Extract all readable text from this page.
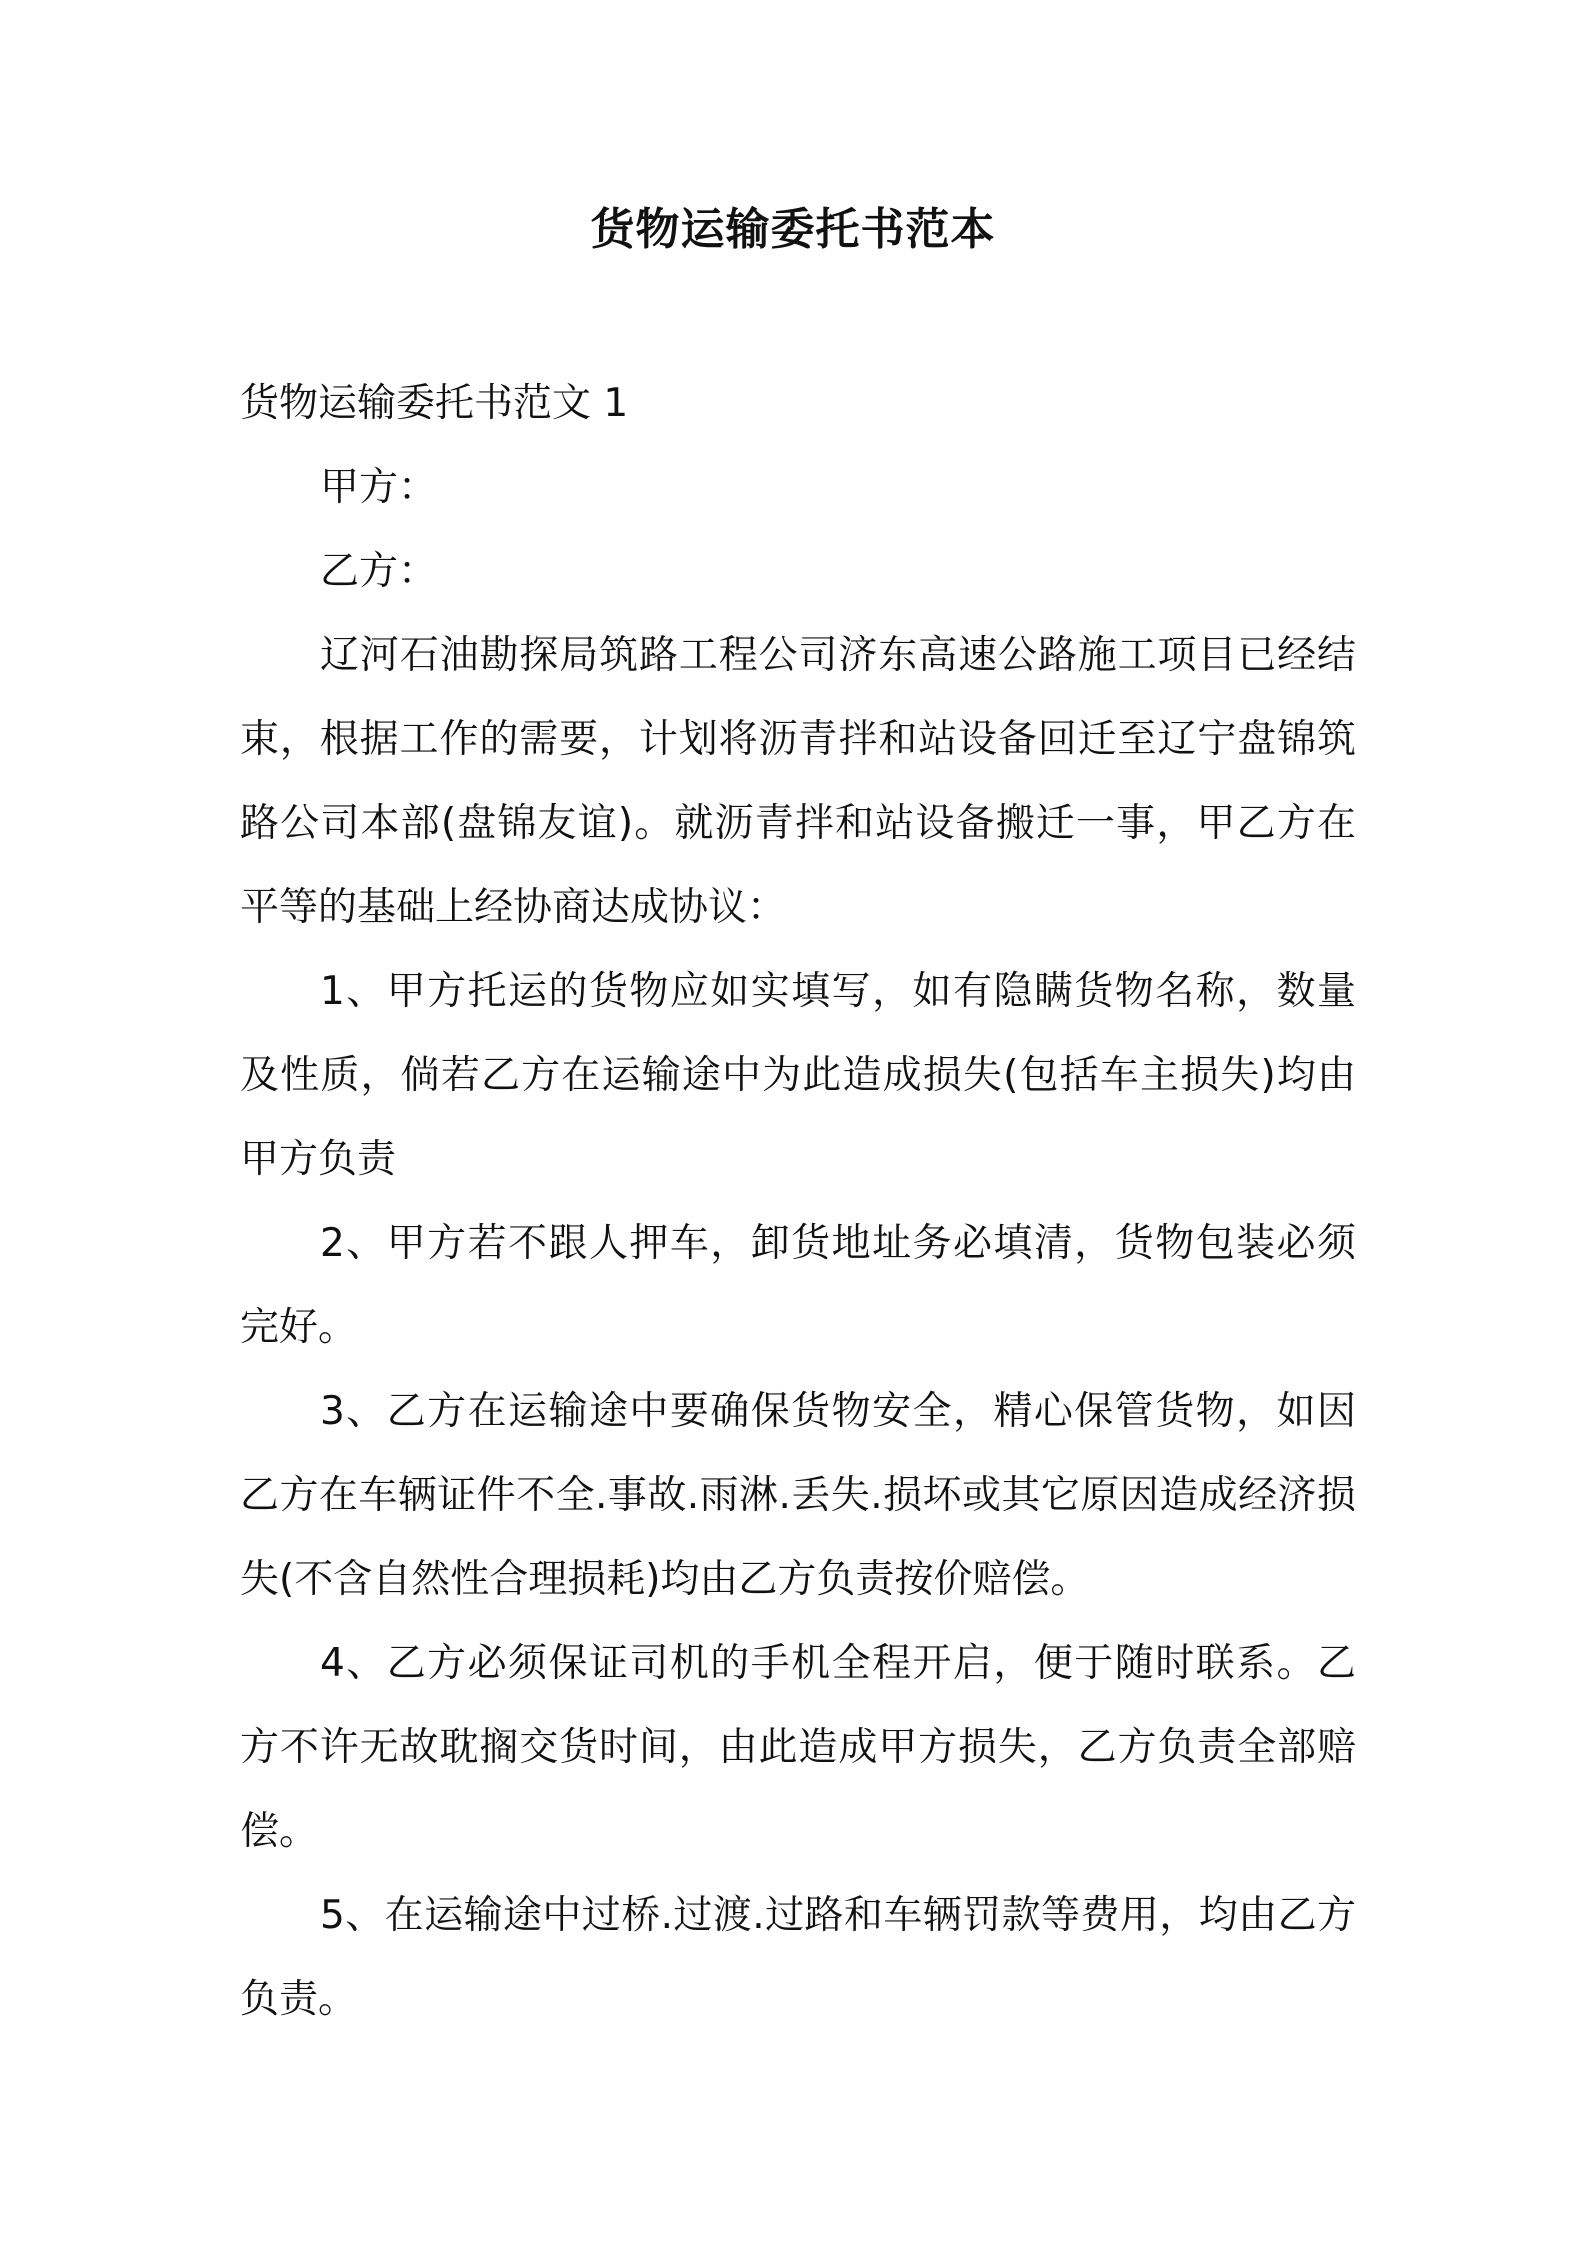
货物运输委托书范本

货物运输委托书范文 1

甲方：

乙方：

辽河石油勘探局筑路工程公司济东高速公路施工项目已经结束，根据工作的需要，计划将沥青拌和站设备回迁至辽宁盘锦筑路公司本部(盘锦友谊)。就沥青拌和站设备搬迁一事，甲乙方在平等的基础上经协商达成协议：

1、甲方托运的货物应如实填写，如有隐瞒货物名称，数量及性质，倘若乙方在运输途中为此造成损失(包括车主损失)均由甲方负责

2、甲方若不跟人押车，卸货地址务必填清，货物包装必须完好。

3、乙方在运输途中要确保货物安全，精心保管货物，如因乙方在车辆证件不全.事故.雨淋.丢失.损坏或其它原因造成经济损失(不含自然性合理损耗)均由乙方负责按价赔偿。

4、乙方必须保证司机的手机全程开启，便于随时联系。乙方不许无故耽搁交货时间，由此造成甲方损失，乙方负责全部赔偿。

5、在运输途中过桥.过渡.过路和车辆罚款等费用，均由乙方负责。
